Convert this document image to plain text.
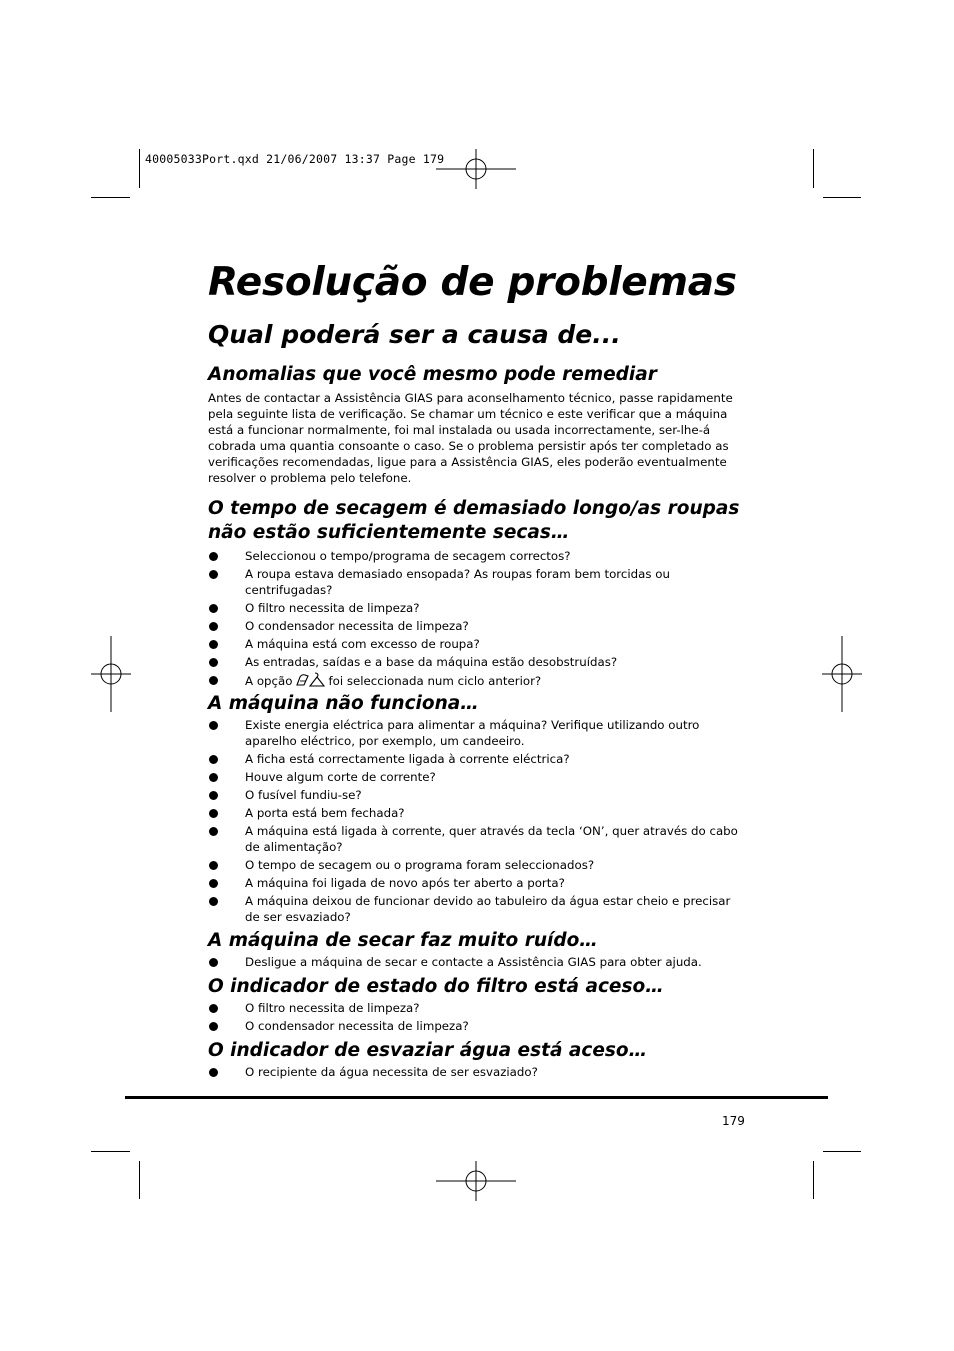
40005033Port.qxd 21/06/2007 13:37 Page 179
Resolução de problemas
Qual poderá ser a causa de...
Anomalias que você mesmo pode remediar

Antes de contactar a Assistência GIAS para aconselhamento técnico, passe rapidamente pela seguinte lista de verificação. Se chamar um técnico e este verificar que a máquina está a funcionar normalmente, foi mal instalada ou usada incorrectamente, ser-lhe-á cobrada uma quantia consoante o caso. Se o problema persistir após ter completado as verificações recomendadas, ligue para a Assistência GIAS, eles poderão eventualmente resolver o problema pelo telefone.

O tempo de secagem é demasiado longo/as roupas não estão suficientemente secas…
Seleccionou o tempo/programa de secagem correctos?
A roupa estava demasiado ensopada? As roupas foram bem torcidas ou centrifugadas?
O filtro necessita de limpeza?
O condensador necessita de limpeza?
A máquina está com excesso de roupa?
As entradas, saídas e a base da máquina estão desobstruídas?
A opção	foi seleccionada num ciclo anterior?
A máquina não funciona…
Existe energia eléctrica para alimentar a máquina? Verifique utilizando outro aparelho eléctrico, por exemplo, um candeeiro.
A ficha está correctamente ligada à corrente eléctrica?
Houve algum corte de corrente?
O fusível fundiu-se?
A porta está bem fechada?
A máquina está ligada à corrente, quer através da tecla ‘ON’, quer através do cabo de alimentação?
O tempo de secagem ou o programa foram seleccionados?
A máquina foi ligada de novo após ter aberto a porta?
A máquina deixou de funcionar devido ao tabuleiro da água estar cheio e precisar de ser esvaziado?
A máquina de secar faz muito ruído…
Desligue a máquina de secar e contacte a Assistência GIAS para obter ajuda.
O indicador de estado do filtro está aceso…
O filtro necessita de limpeza?
O condensador necessita de limpeza?
O indicador de esvaziar água está aceso…
O recipiente da água necessita de ser esvaziado?
179
